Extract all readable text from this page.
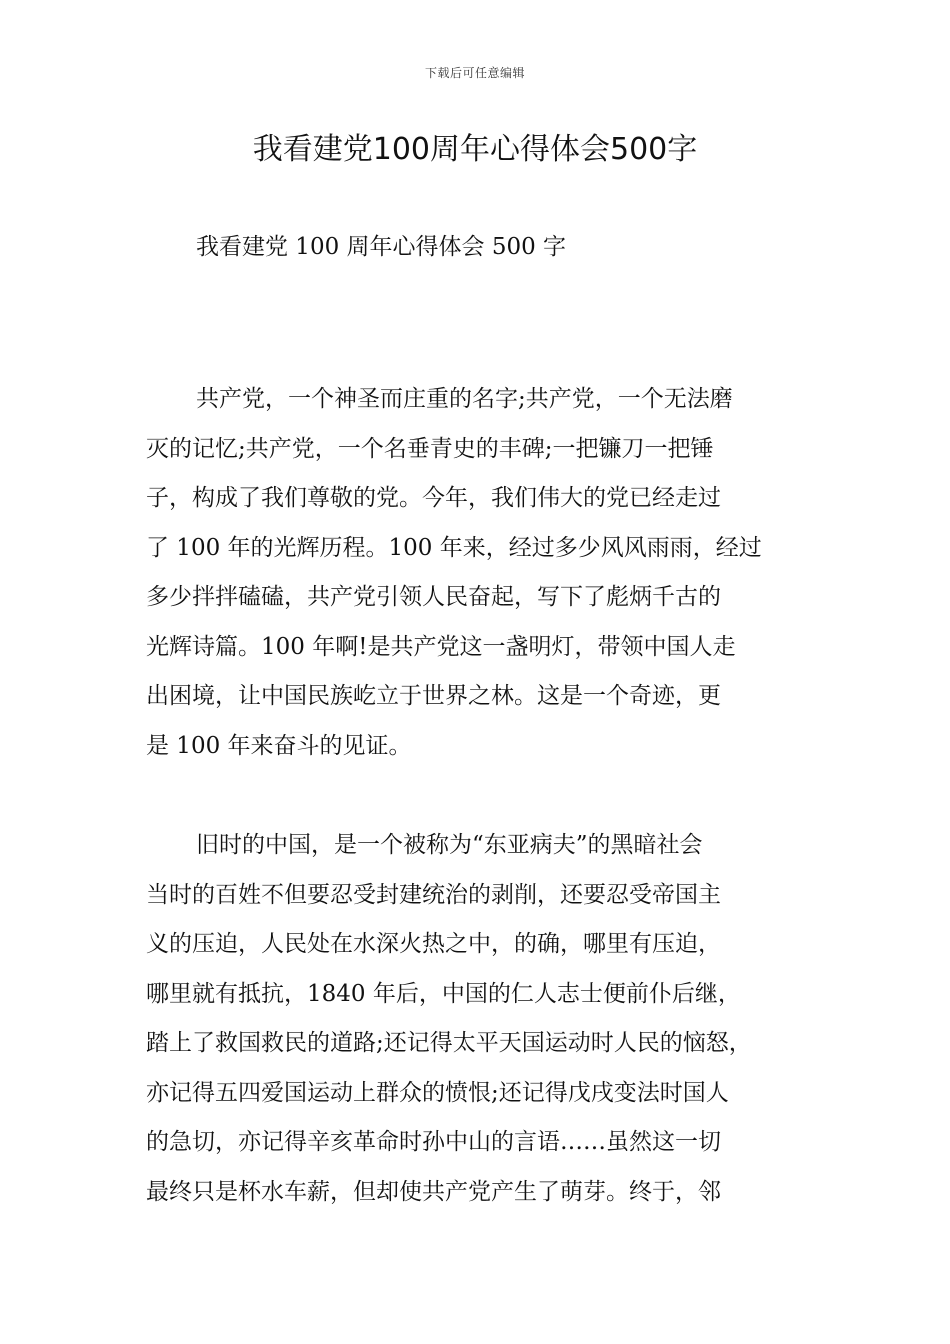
下载后可任意编辑
我看建党100周年心得体会500字

我看建党 100 周年心得体会 500 字

共产党，一个神圣而庄重的名字;共产党，一个无法磨
灭的记忆;共产党，一个名垂青史的丰碑;一把镰刀一把锤
子，构成了我们尊敬的党。今年，我们伟大的党已经走过
了 100 年的光辉历程。100 年来，经过多少风风雨雨，经过
多少拌拌磕磕，共产党引领人民奋起，写下了彪炳千古的
光辉诗篇。100 年啊!是共产党这一盏明灯，带领中国人走
出困境，让中国民族屹立于世界之林。这是一个奇迹，更
是 100 年来奋斗的见证。
旧时的中国，是一个被称为“东亚病夫”的黑暗社会
当时的百姓不但要忍受封建统治的剥削，还要忍受帝国主
义的压迫，人民处在水深火热之中，的确，哪里有压迫，
哪里就有抵抗，1840 年后，中国的仁人志士便前仆后继，
踏上了救国救民的道路;还记得太平天国运动时人民的恼怒，
亦记得五四爱国运动上群众的愤恨;还记得戊戌变法时国人
的急切，亦记得辛亥革命时孙中山的言语……虽然这一切
最终只是杯水车薪，但却使共产党产生了萌芽。终于，邻
